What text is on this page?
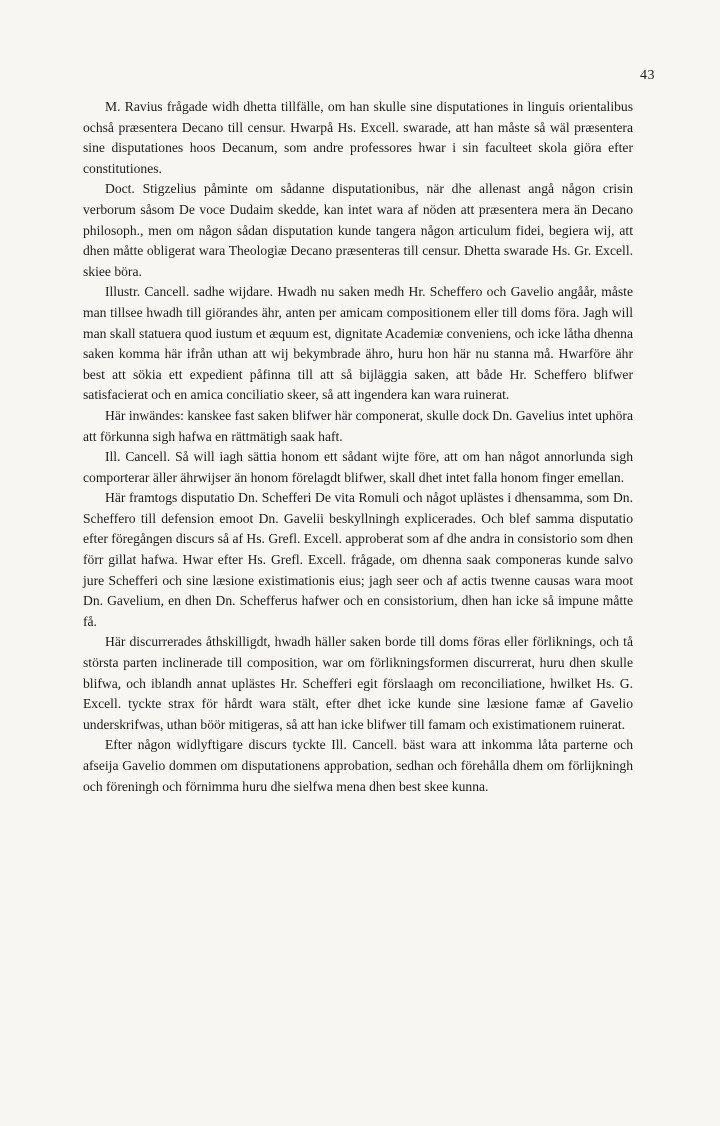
43

M. Ravius frågade widh dhetta tillfälle, om han skulle sine disputationes in linguis orientalibus ochså præsentera Decano till censur. Hwarpå Hs. Excell. swarade, att han måste så wäl præsentera sine disputationes hoos Decanum, som andre professores hwar i sin faculteet skola giöra efter constitutiones.

Doct. Stigzelius påminte om sådanne disputationibus, när dhe allenast angå någon crisin verborum såsom De voce Dudaim skedde, kan intet wara af nöden att præsentera mera än Decano philosoph., men om någon sådan disputation kunde tangera någon articulum fidei, begiera wij, att dhen måtte obligerat wara Theologiæ Decano præsenteras till censur. Dhetta swarade Hs. Gr. Excell. skiee böra.

Illustr. Cancell. sadhe wijdare. Hwadh nu saken medh Hr. Scheffero och Gavelio angåår, måste man tillsee hwadh till giörandes ähr, anten per amicam compositionem eller till doms föra. Jagh will man skall statuera quod iustum et æquum est, dignitate Academiæ conveniens, och icke låtha dhenna saken komma här ifrån uthan att wij bekymbrade ähro, huru hon här nu stanna må. Hwarföre ähr best att sökia ett expedient påfinna till att så bijläggia saken, att både Hr. Scheffero blifwer satisfacierat och en amica conciliatio skeer, så att ingendera kan wara ruinerat.

Här inwändes: kanskee fast saken blifwer här componerat, skulle dock Dn. Gavelius intet uphöra att förkunna sigh hafwa en rättmätigh saak haft.

Ill. Cancell. Så will iagh sättia honom ett sådant wijte före, att om han något annorlunda sigh comporterar äller ährwijser än honom förelagdt blifwer, skall dhet intet falla honom finger emellan.

Här framtogs disputatio Dn. Schefferi De vita Romuli och något uplästes i dhensamma, som Dn. Scheffero till defension emoot Dn. Gavelii beskyllningh explicerades. Och blef samma disputatio efter föregången discurs så af Hs. Grefl. Excell. approberat som af dhe andra in consistorio som dhen förr gillat hafwa. Hwar efter Hs. Grefl. Excell. frågade, om dhenna saak componeras kunde salvo jure Schefferi och sine læsione existimationis eius; jagh seer och af actis twenne causas wara moot Dn. Gavelium, en dhen Dn. Schefferus hafwer och en consistorium, dhen han icke så impune måtte få.

Här discurrerades åthskilligdt, hwadh häller saken borde till doms föras eller förliknings, och tå största parten inclinerade till composition, war om förlikningsformen discurrerat, huru dhen skulle blifwa, och iblandh annat uplästes Hr. Schefferi egit förslaagh om reconciliatione, hwilket Hs. G. Excell. tyckte strax för hårdt wara stält, efter dhet icke kunde sine læsione famæ af Gavelio underskrifwas, uthan böör mitigeras, så att han icke blifwer till famam och existimationem ruinerat.

Efter någon widlyftigare discurs tyckte Ill. Cancell. bäst wara att inkomma låta parterne och afseija Gavelio dommen om disputationens approbation, sedhan och förehålla dhem om förlijkningh och föreningh och förnimma huru dhe sielfwa mena dhen best skee kunna.
